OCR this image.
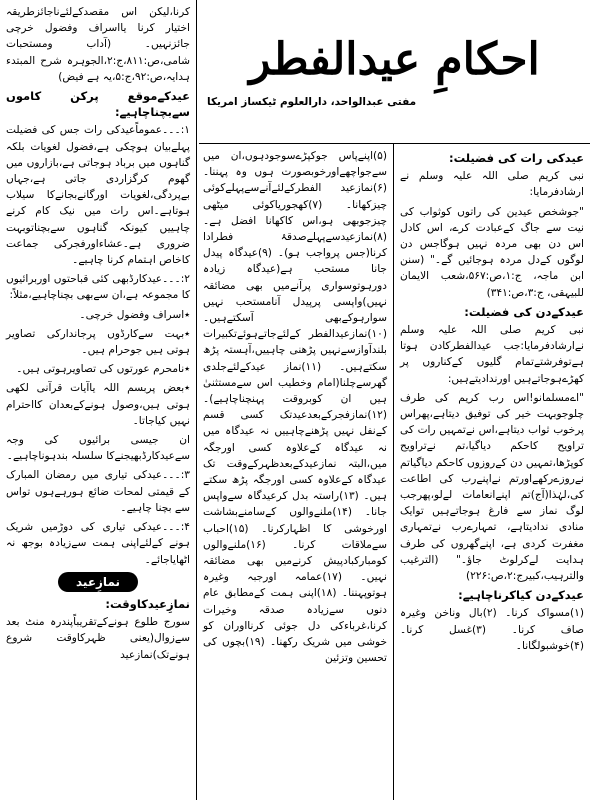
احکامِ عیدالفطر
مفتی عبدالواحد، دارالعلوم ٹیکساز امریکا
عیدکی رات کی فضیلت:

نبی کریم صلی اللہ علیہ وسلم نے ارشادفرمایا:

"جوشخص عیدین کی راتوں کوثواب کی نیت سے جاگ کےعبادت کرے، اس کادل اس دن بھی مردہ نہیں ہوگاجس دن لوگوں کےدل مردہ ہوجائیں گے۔" (سنن ابن ماجہ، ج:۱،ص:۵۶۷،شعب الایمان للبیہقی، ج:۳،ص:۳۴۱)

عیدکےدن کی فضیلت:

نبی کریم صلی اللہ علیہ وسلم نےارشادفرمایا:جب عیدالفطرکادن ہوتا ہےتوفرشتےتمام گلیوں کےکناروں پر کھڑےہوجاتےہیں اورندادیتےہیں:

"اےمسلمانو!اس رب کریم کی طرف چلوجوبہت خیر کی توفیق دیتاہے،پھراس پرخوب ثواب دیتاہے،اس نےتمہیں رات کی تراویح کاحکم دیاگیا،تم نےتراویح کوپڑھا،تمہیں دن کےروزوں کاحکم دیاگیاتم نےروزےرکھےاورتم نےاپنےرب کی اطاعت کی،لہٰذا(آج)تم اپنےانعامات لےلو،پھرجب لوگ نماز سے فارغ ہوجاتےہیں توایک منادی ندادیتاہے، تمہارےرب نےتمہاری مغفرت کردی ہے، اپنےگھروں کی طرف ہدایت لےکرلوٹ جاؤ۔" (الترغیب والترہیب،کبیرج:۲،ص:۲۲۶)

عیدکےدن کیاکرناچاہیے:

(۱)مسواک کرنا۔ (۲)بال وناخن وغیرہ صاف کرنا۔ (۳)غسل کرنا۔ (۴)خوشبولگانا۔

(۵)اپنےپاس جوکپڑےسوجودہوں،ان میں سےجواچھےاورخوبصورت ہوں وہ پہننا۔ (۶)نمازعید الفطرکےلئےآنےسےپہلےکوئی چیزکھانا۔ (۷)کھجوریاکوئی میٹھی چیزجوبھی ہو،اس کاکھانا افضل ہے۔ (۸)نمازعیدسےپہلےصدقۂ فطرادا کرنا(جس پرواجب ہو)۔ (۹)عیدگاہ پیدل جانا مستحب ہے(عیدگاہ زیادہ دورہوتوسواری پرآنےمیں بھی مضائقہ نہیں)واپسی پرپیدل آنامستحب نہیں سوارہوکےبھی آسکتےہیں۔ (۱۰)نمازعیدالفطر کےلئےجاتےہوئےتکبیرات بلندآوازسےنہیں پڑھنی چاہییں،آہستہ پڑھ سکتےہیں۔ (۱۱)نماز عیدکےلئےجلدی گھرسےچلنا(امام وخطیب اس سےمستثنیٰ ہیں ان کوبروقت پہنچناچاہیے)۔ (۱۲)نمازفجرکےبعدعیدتک کسی قسم کےنفل نہیں پڑھنےچاہییں نہ عیدگاہ میں نہ عیدگاہ کےعلاوہ کسی اورجگہ میں،البتہ نمازعیدکےبعدظہرکےوقت تک عیدگاہ کےعلاوہ کسی اورجگہ پڑھ سکتے ہیں۔ (۱۳)راستہ بدل کرعیدگاہ سےواپس جانا۔ (۱۴)ملنےوالوں کےسامنےبشاشت اورخوشی کا اظہارکرنا۔ (۱۵)احباب سےملاقات کرنا۔ (۱۶)ملنےوالوں کومبارکبادپیش کرنےمیں بھی مضائقہ نہیں۔ (۱۷)عمامہ اورجبہ وغیرہ ہوتوپہننا۔ (۱۸)اپنی ہمت کےمطابق عام دنوں سےزیادہ صدقہ وخیرات کرنا،غرباءکی دل جوئی کرنااوران کو خوشی میں شریک رکھنا۔ (۱۹)بچوں کی تحسین وتزئین

کرنا،لیکن اس مقصدکےلئےناجائزطریقہ اختیار کرنا یااسراف وفضول خرچی جائزنہیں۔ (آداب ومستحبات شامی،ص:۸۱۱،ج:۲،الجوہرہ شرح المبتدء ہدایہ،ص:۹۲،ج:۵،یہ ہے فیض)

عیدکےموقع پرکن کاموں سےبچناچاہیے:

۱:۔۔۔عموماًعیدکی رات جس کی فضیلت پہلےبیان ہوچکی ہے،فضول لغویات بلکہ گناہوں میں برباد ہوجاتی ہے،بازاروں میں گھوم کرگزاردی جاتی ہے،جہاں بےپردگی،لغویات اورگانےبجانےکا سیلاب ہوتاہے۔اس رات میں نیک کام کرنے چاہییں کیونکہ گناہوں سےبچناتوبہت ضروری ہے۔عشاءاورفجرکی جماعت کاخاص اہتمام کرنا چاہیے۔

۲:۔۔۔عیدکارڈبھی کئی قباحتوں اوربرائیوں کا مجموعہ ہے،ان سےبھی بچناچاہیے،مثلاً:

٭اسراف وفضول خرچی۔

٭بہت سےکارڈوں پرجاندارکی تصاویر ہوتی ہیں جوحرام ہیں۔

٭نامحرم عورتوں کی تصاویرہوتی ہیں۔

٭بعض پربسم اللہ یاآیات قرآنی لکھی ہوتی ہیں،وصول ہونےکےبعدان کااحترام نہیں کیاجاتا۔

ان جیسی برائیوں کی وجہ سےعیدکارڈبھیجنےکا سلسلہ بندہوناچاہیے۔

۳:۔۔۔عیدکی تیاری میں رمضان المبارک کے قیمتی لمحات ضائع ہورہےہوں تواس سے بچنا چاہیے۔

۴:۔۔۔عیدکی تیاری کی دوڑمیں شریک ہونے کےلئےاپنی ہمت سےزیادہ بوجھ نہ اٹھایاجائے۔

نمازِعید
نمازِعیدکاوقت:

سورج طلوع ہونےکےتقریباًپندرہ منٹ بعد سےزوال(یعنی ظہرکاوقت شروع ہونےتک)نمازعید
